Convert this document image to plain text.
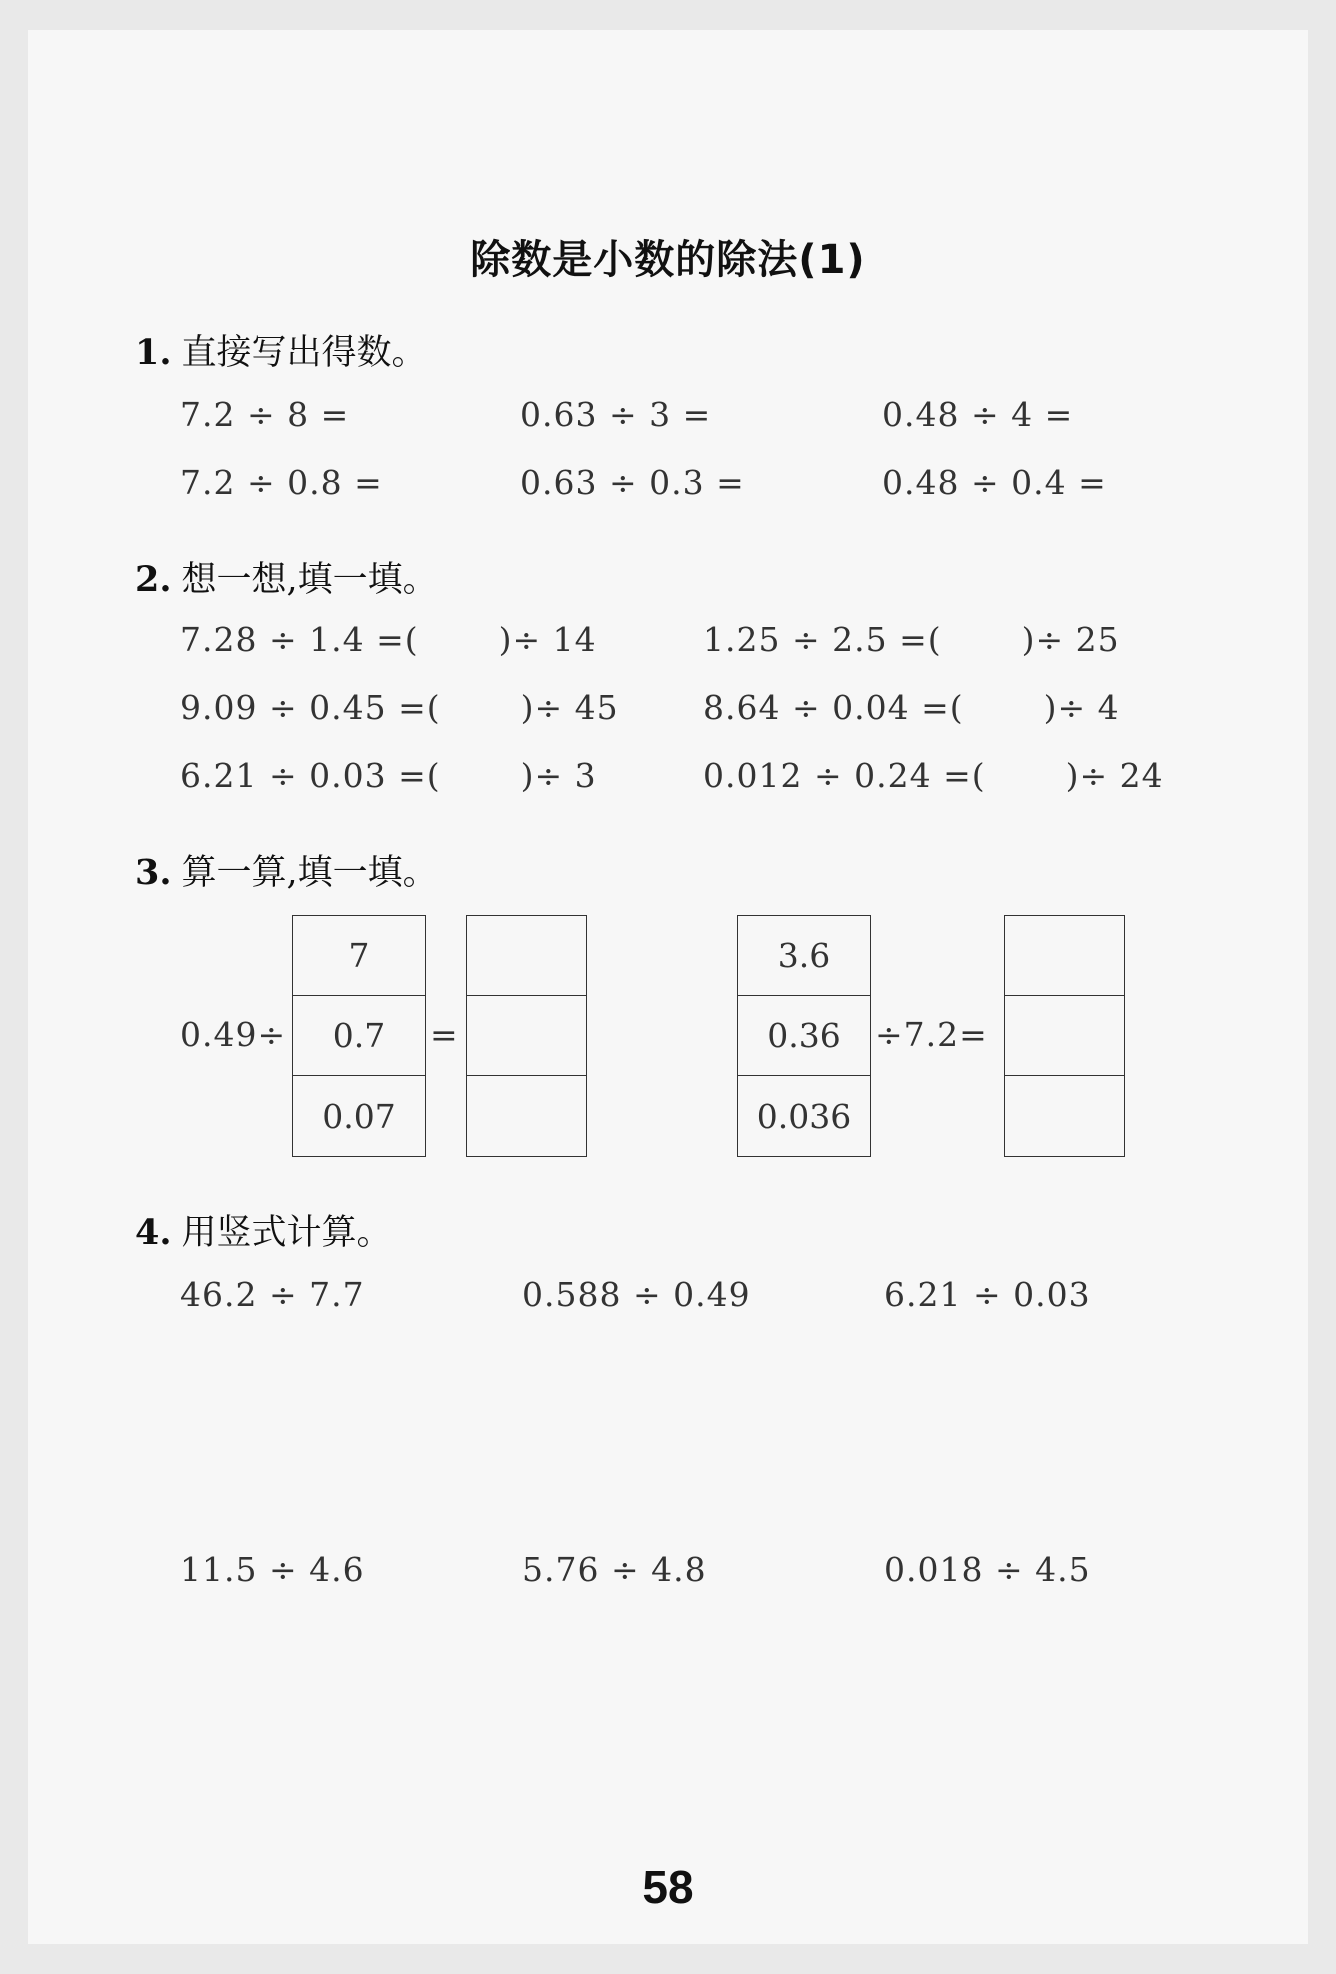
除数是小数的除法(1)
1. 直接写出得数。
7.2 ÷ 8 =	0.63 ÷ 3 =	0.48 ÷ 4 =
7.2 ÷ 0.8 =	0.63 ÷ 0.3 =	0.48 ÷ 0.4 =
2. 想一想,填一填。
7.28 ÷ 1.4 =( )÷ 14	1.25 ÷ 2.5 =( )÷ 25
9.09 ÷ 0.45 =( )÷ 45	8.64 ÷ 0.04 =( )÷ 4
6.21 ÷ 0.03 =( )÷ 3	0.012 ÷ 0.24 =( )÷ 24
3. 算一算,填一填。
0.49÷
7
0.7
0.07
=
3.6
0.36
0.036
÷7.2=
4. 用竖式计算。
46.2 ÷ 7.7	0.588 ÷ 0.49	6.21 ÷ 0.03
11.5 ÷ 4.6	5.76 ÷ 4.8	0.018 ÷ 4.5
58
